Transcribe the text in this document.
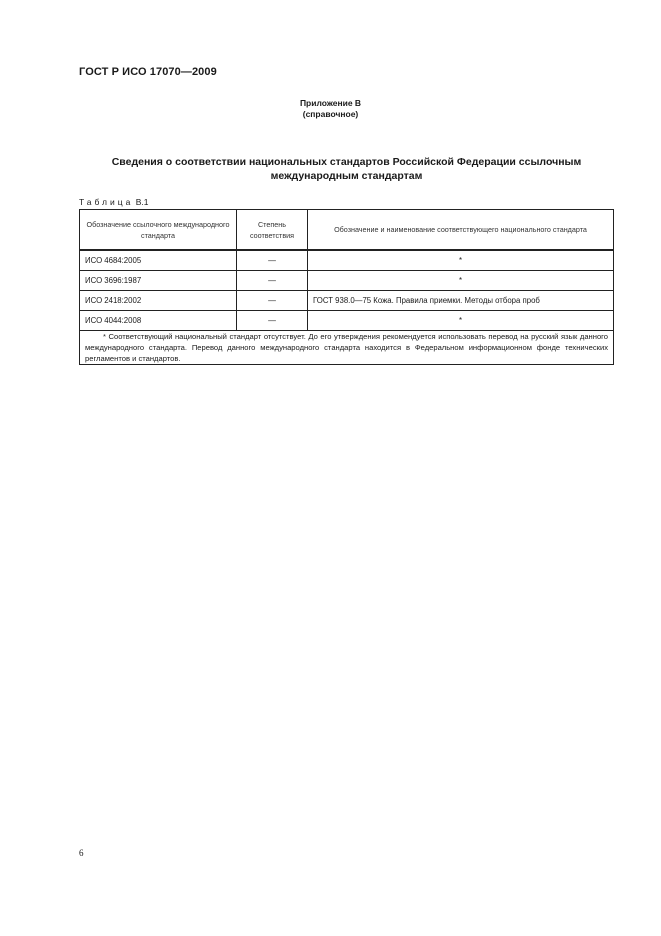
ГОСТ Р ИСО 17070—2009
Приложение В
(справочное)
Сведения о соответствии национальных стандартов Российской Федерации ссылочным
международным стандартам
Таблица В.1
Обозначение ссылочного международного стандарта	Степень соответствия	Обозначение и наименование соответствующего национального стандарта
ИСО 4684:2005	—	*
ИСО 3696:1987	—	*
ИСО 2418:2002	—	ГОСТ 938.0—75 Кожа. Правила приемки. Методы отбора проб
ИСО 4044:2008	—	*
* Соответствующий национальный стандарт отсутствует. До его утверждения рекомендуется использовать перевод на русский язык данного международного стандарта. Перевод данного международного стандарта находится в Федеральном информационном фонде технических регламентов и стандартов.		
6
